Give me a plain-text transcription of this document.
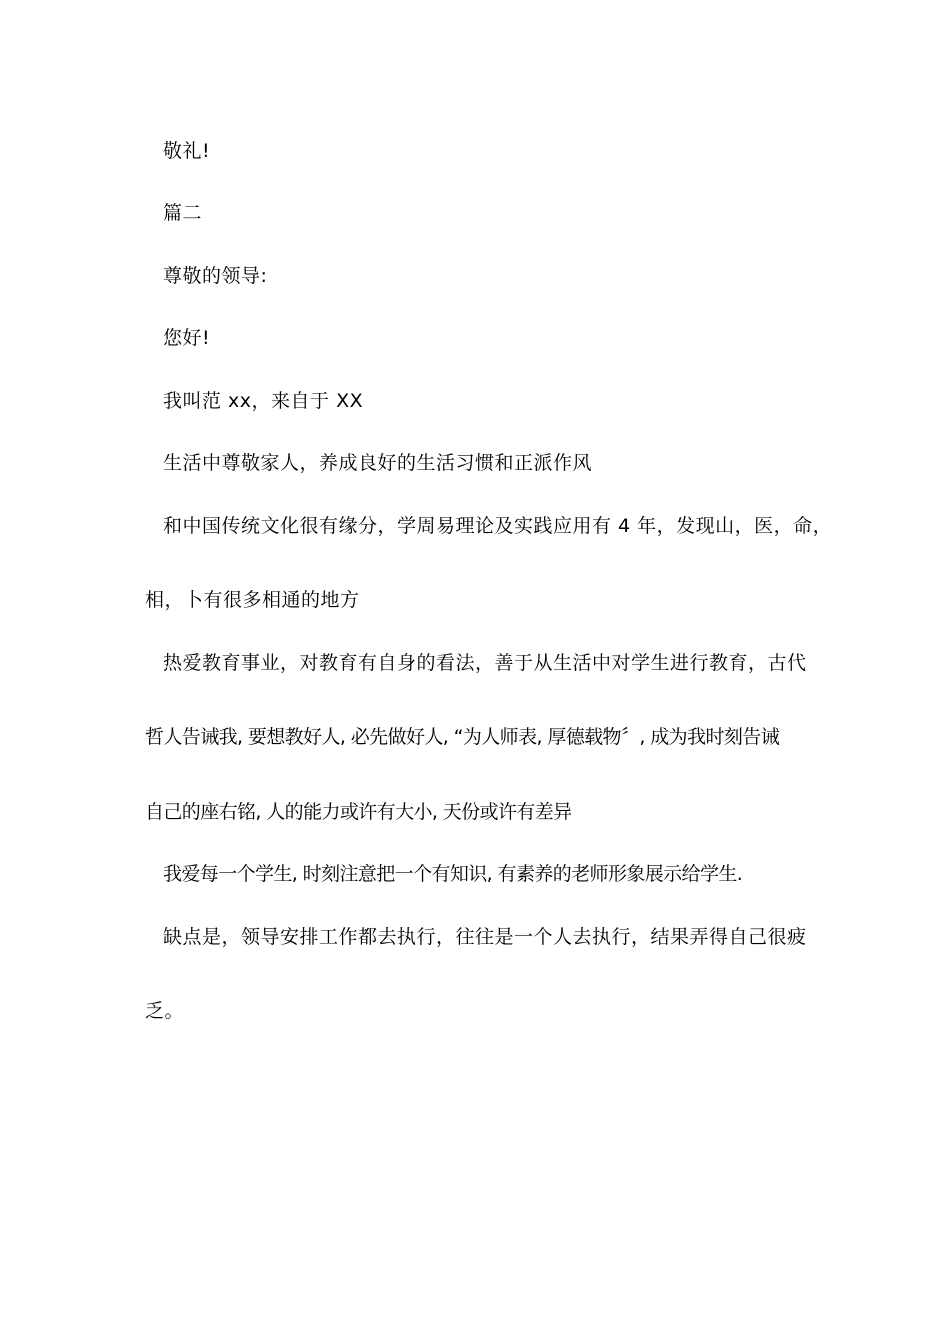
敬礼!
篇二
尊敬的领导:
您好!
我叫范 xx，来自于 XX
生活中尊敬家人，养成良好的生活习惯和正派作风
和中国传统文化很有缘分，学周易理论及实践应用有 4 年，发现山，医，命，
相，卜有很多相通的地方
热爱教育事业，对教育有自身的看法，善于从生活中对学生进行教育，古代
哲人告诫我, 要想教好人, 必先做好人, “为人师表, 厚德载物〞, 成为我时刻告诫
自己的座右铭, 人的能力或许有大小, 天份或许有差异
我爱每一个学生, 时刻注意把一个有知识, 有素养的老师形象展示给学生.
缺点是，领导安排工作都去执行，往往是一个人去执行，结果弄得自己很疲
乏。
